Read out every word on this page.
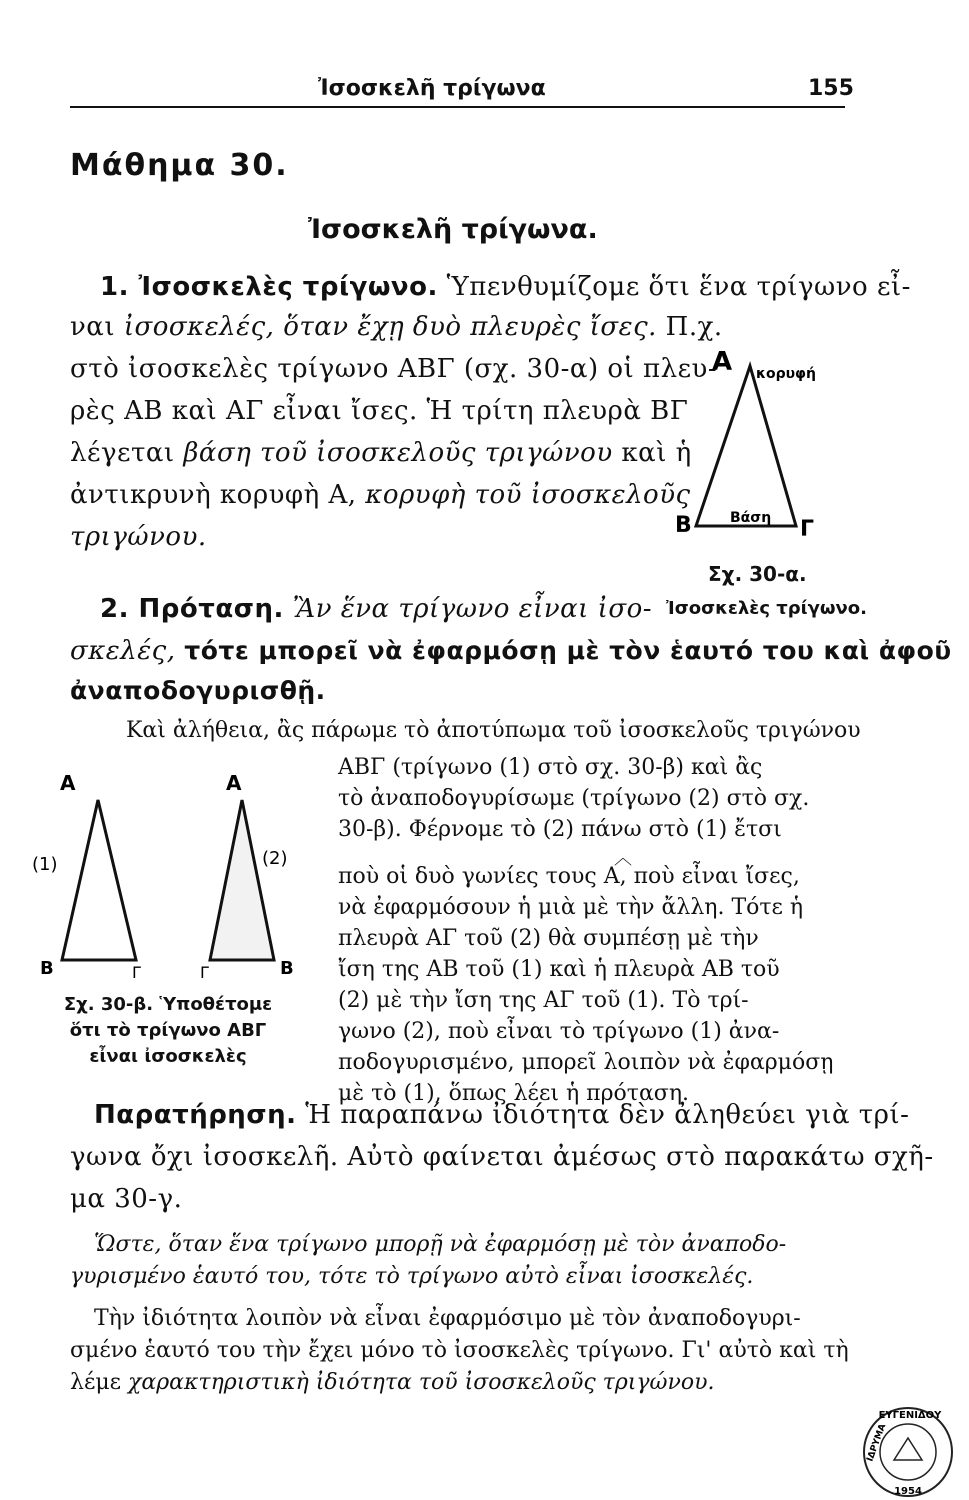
Ἰσοσκελῆ τρίγωνα	155
Μάθημα 30.
Ἰσοσκελῆ τρίγωνα.
1. Ἰσοσκελὲς τρίγωνο. Ὑπενθυμίζομε ὅτι ἕνα τρίγωνο εἶ-
ναι ἰσοσκελές, ὅταν ἔχῃ δυὸ πλευρὲς ἴσες. Π.χ.
στὸ ἰσοσκελὲς τρίγωνο ΑΒΓ (σχ. 30-α) οἱ πλευ-
ρὲς ΑΒ καὶ ΑΓ εἶναι ἴσες. Ἡ τρίτη πλευρὰ ΒΓ
λέγεται βάση τοῦ ἰσοσκελοῦς τριγώνου καὶ ἡ
ἀντικρυνὴ κορυφὴ Α, κορυφὴ τοῦ ἰσοσκελοῦς
τριγώνου.
Α κορυφή
Β	Γ
Βάση
Σχ. 30-α.
2. Πρόταση. Ἂν ἕνα τρίγωνο εἶναι ἰσο- Ἰσοσκελὲς τρίγωνο.
σκελές, τότε μπορεῖ νὰ ἐφαρμόσῃ μὲ τὸν ἑαυτό του καὶ ἀφοῦ
ἀναποδογυρισθῇ.
Καὶ ἀλήθεια, ἂς πάρωμε τὸ ἀποτύπωμα τοῦ ἰσοσκελοῦς τριγώνου
ΑΒΓ (τρίγωνο (1) στὸ σχ. 30-β) καὶ ἂς
τὸ ἀναποδογυρίσωμε (τρίγωνο (2) στὸ σχ.
30-β). Φέρνομε τὸ (2) πάνω στὸ (1) ἔτσι
ποὺ οἱ δυὸ γωνίες τους Α, ποὺ εἶναι ἴσες,
νὰ ἐφαρμόσουν ἡ μιὰ μὲ τὴν ἄλλη. Τότε ἡ
πλευρὰ ΑΓ τοῦ (2) θὰ συμπέσῃ μὲ τὴν
ἴση της ΑΒ τοῦ (1) καὶ ἡ πλευρὰ ΑΒ τοῦ
(2) μὲ τὴν ἴση της ΑΓ τοῦ (1). Τὸ τρί-
γωνο (2), ποὺ εἶναι τὸ τρίγωνο (1) ἀνα-
ποδογυρισμένο, μπορεῖ λοιπὸν νὰ ἐφαρμόσῃ
μὲ τὸ (1), ὅπως λέει ἡ πρόταση.
︿
Α
(1)
Β	Γ
Α
(2)
Γ	Β
Σχ. 30-β. Ὑποθέτομε
ὅτι τὸ τρίγωνο ΑΒΓ
εἶναι ἰσοσκελὲς
Παρατήρηση. Ἡ παραπάνω ἰδιότητα δὲν ἀληθεύει γιὰ τρί-
γωνα ὄχι ἰσοσκελῆ. Αὐτὸ φαίνεται ἀμέσως στὸ παρακάτω σχῆ-
μα 30-γ.
Ὥστε, ὅταν ἕνα τρίγωνο μπορῇ νὰ ἐφαρμόσῃ μὲ τὸν ἀναποδο-
γυρισμένο ἑαυτό του, τότε τὸ τρίγωνο αὐτὸ εἶναι ἰσοσκελές.
Τὴν ἰδιότητα λοιπὸν νὰ εἶναι ἐφαρμόσιμο μὲ τὸν ἀναποδογυρι-
σμένο ἑαυτό του τὴν ἔχει μόνο τὸ ἰσοσκελὲς τρίγωνο. Γι' αὐτὸ καὶ τὴ
λέμε χαρακτηριστικὴ ἰδιότητα τοῦ ἰσοσκελοῦς τριγώνου.
ΕΥΓΕΝΙΔΟΥ
ΙΔΡΥΜΑ
1954
